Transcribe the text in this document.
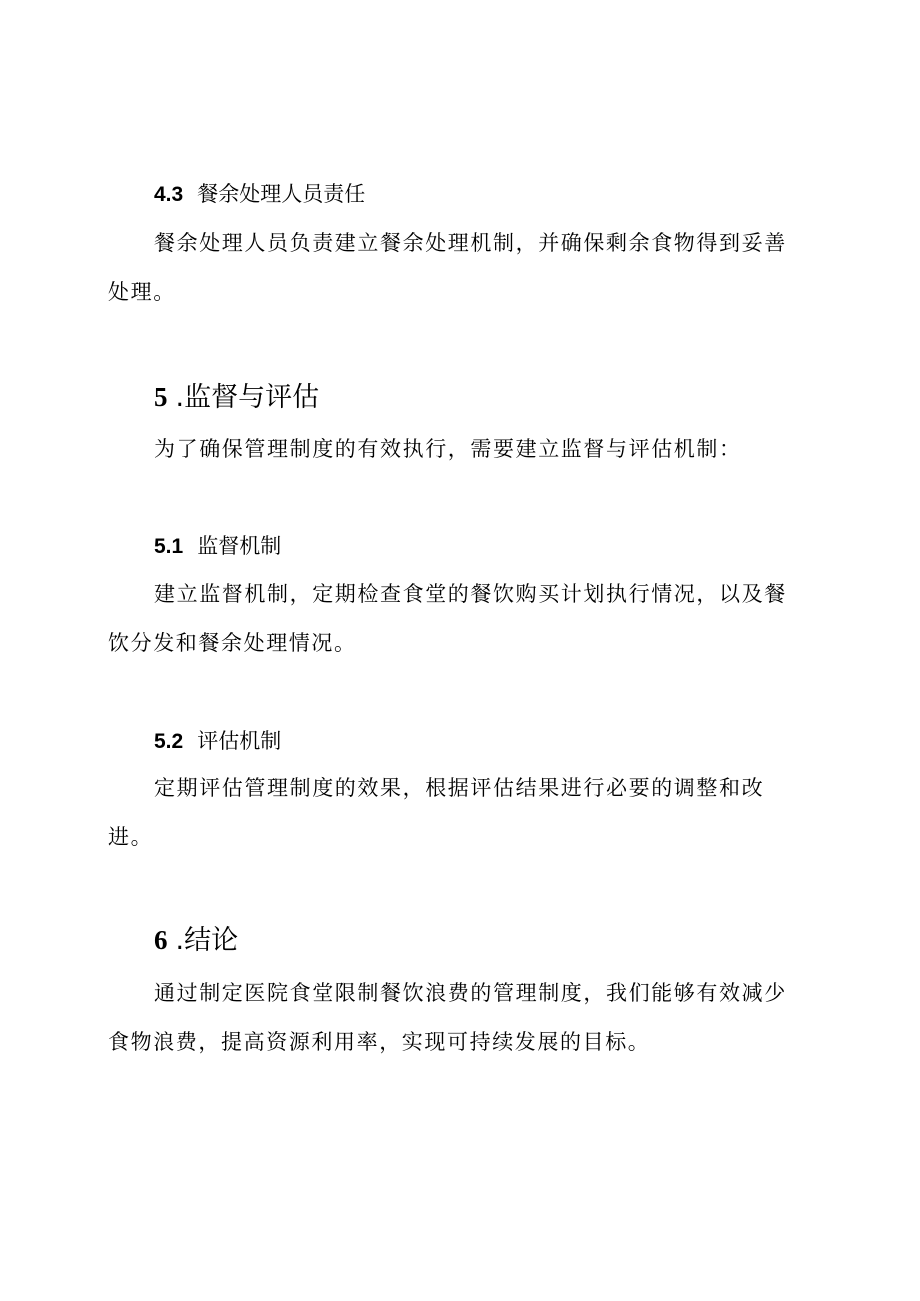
4.3 餐余处理人员责任

餐余处理人员负责建立餐余处理机制，并确保剩余食物得到妥善处理。

5 .监督与评估

为了确保管理制度的有效执行，需要建立监督与评估机制：

5.1 监督机制

建立监督机制，定期检查食堂的餐饮购买计划执行情况，以及餐饮分发和餐余处理情况。

5.2 评估机制

定期评估管理制度的效果，根据评估结果进行必要的调整和改进。

6 .结论

通过制定医院食堂限制餐饮浪费的管理制度，我们能够有效减少食物浪费，提高资源利用率，实现可持续发展的目标。
